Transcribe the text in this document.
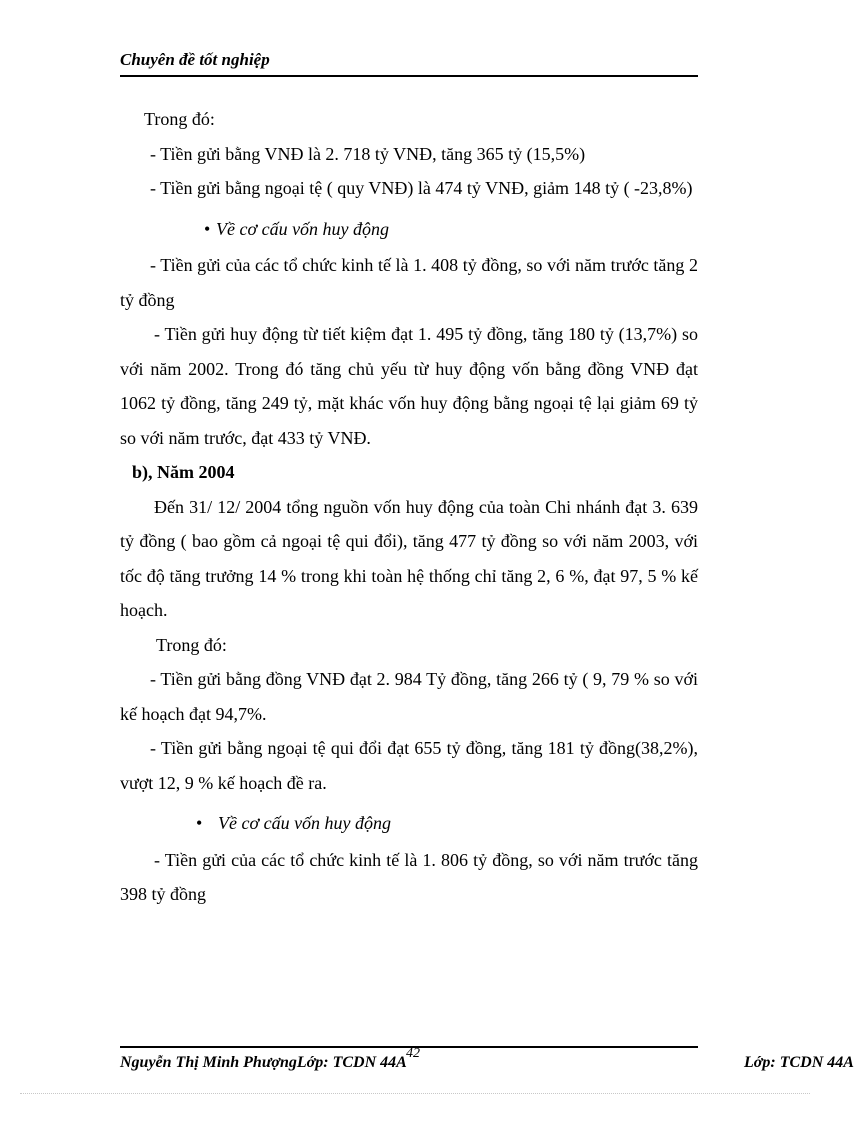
Chuyên đề tốt nghiệp

Trong đó:

- Tiền gửi bằng VNĐ là 2. 718 tỷ VNĐ, tăng 365 tỷ (15,5%)

- Tiền gửi bằng ngoại tệ ( quy VNĐ) là 474 tỷ VNĐ, giảm 148 tỷ ( -23,8%)

• Về cơ cấu vốn huy động

- Tiền gửi của các tổ chức kinh tế là 1. 408 tỷ đồng, so với năm trước tăng 2 tỷ đồng

- Tiền gửi huy động từ tiết kiệm đạt 1. 495 tỷ đồng, tăng 180 tỷ (13,7%) so với năm 2002. Trong đó tăng chủ yếu từ huy động vốn bằng đồng VNĐ đạt 1062 tỷ đồng, tăng 249 tỷ, mặt khác vốn huy động bằng ngoại tệ lại giảm 69 tỷ so với năm trước, đạt 433 tỷ VNĐ.

b), Năm 2004

Đến 31/ 12/ 2004 tổng nguồn vốn huy động của toàn Chi nhánh đạt 3. 639 tỷ đồng ( bao gồm cả ngoại tệ qui đổi), tăng 477 tỷ đồng so với năm 2003, với tốc độ tăng trưởng 14 % trong khi toàn hệ thống chỉ tăng 2, 6 %, đạt 97, 5 % kế hoạch.

Trong đó:

- Tiền gửi bằng đồng VNĐ đạt 2. 984 Tỷ đồng, tăng 266 tỷ ( 9, 79 % so với kế hoạch đạt 94,7%.

- Tiền gửi bằng ngoại tệ qui đổi đạt 655 tỷ đồng, tăng 181 tỷ đồng(38,2%), vượt 12, 9 % kế hoạch đề ra.

• Về cơ cấu vốn huy động

- Tiền gửi của các tổ chức kinh tế là 1. 806 tỷ đồng, so với năm trước tăng 398 tỷ đồng

Nguyễn Thị Minh PhượngLớp: TCDN 44A
42
Lớp: TCDN 44A
